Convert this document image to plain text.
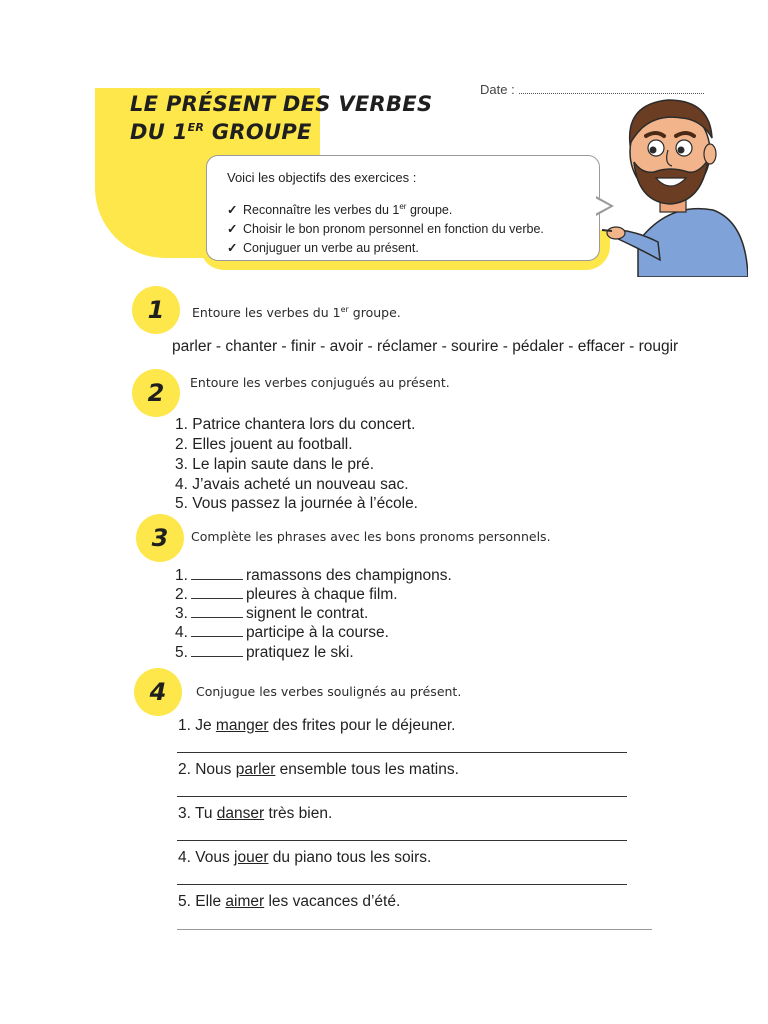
LE PRÉSENT DES VERBES
DU 1ER GROUPE
Date :
Voici les objectifs des exercices :
✓ Reconnaître les verbes du 1er groupe.
✓ Choisir le bon pronom personnel en fonction du verbe.
✓ Conjuguer un verbe au présent.
1	Entoure les verbes du 1er groupe.
parler - chanter - finir - avoir - réclamer - sourire - pédaler - effacer - rougir
2	Entoure les verbes conjugués au présent.
1. Patrice chantera lors du concert.
2. Elles jouent au football.
3. Le lapin saute dans le pré.
4. J’avais acheté un nouveau sac.
5. Vous passez la journée à l’école.
3	Complète les phrases avec les bons pronoms personnels.
1.	ramassons des champignons.
2.	pleures à chaque film.
3.	signent le contrat.
4.	participe à la course.
5.	pratiquez le ski.
4	Conjugue les verbes soulignés au présent.
1. Je manger des frites pour le déjeuner.
2. Nous parler ensemble tous les matins.
3. Tu danser très bien.
4. Vous jouer du piano tous les soirs.
5. Elle aimer les vacances d’été.
